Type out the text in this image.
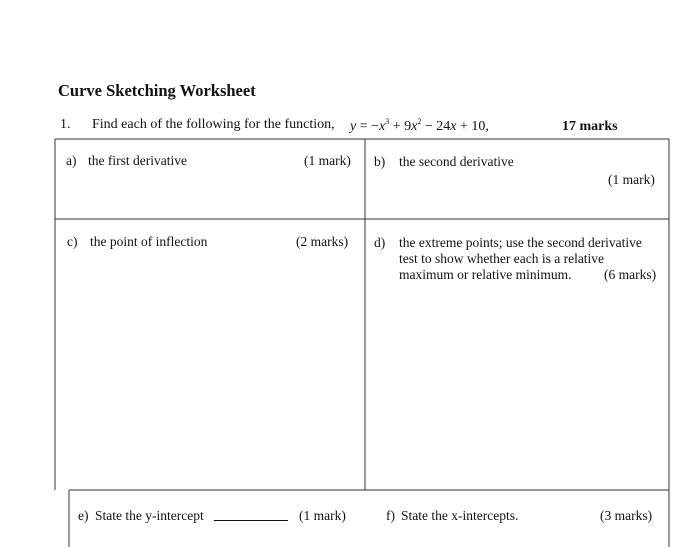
Curve Sketching Worksheet
1. Find each of the following for the function, $y = -x^3 + 9x^2 - 24x + 10$,	17 marks
a) the first derivative	(1 mark) b) the second derivative
(1 mark)
c) the point of inflection	(2 marks) d) the extreme points; use the second derivative
test to show whether each is a relative
maximum or relative minimum. (6 marks)
e) State the y-intercept	(1 mark)	f) State the x-intercepts.	(3 marks)
